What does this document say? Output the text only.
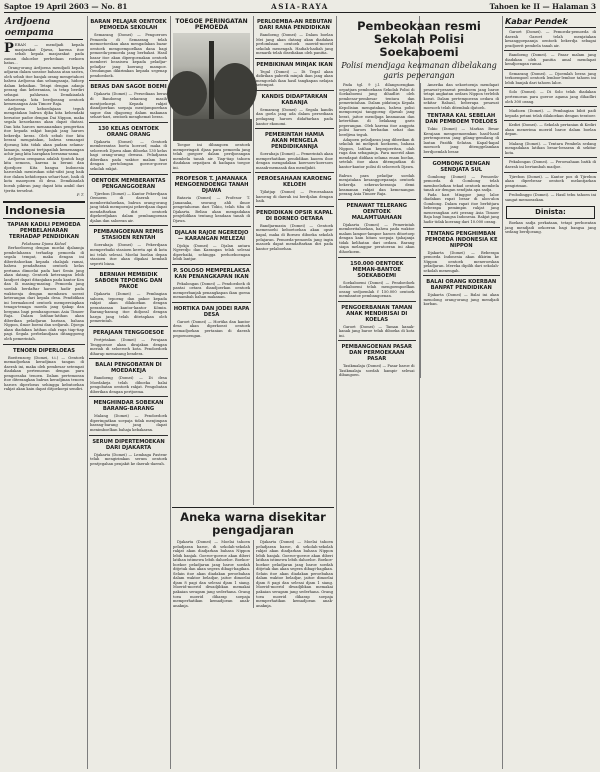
Saptoe 19 April 2603 — No. 81	ASIA-RAYA	Tahoen ke II — Halaman 3
Ardjoena oempama
PERAN — mendjadi kepala masjarakat Djawa, karena itoe sebab kepala masjarakat pada zaman dahoeloe perbedaan roekoen batas...
Orang-orang Ardjoena mendjadi kepala adjaran dalam soeatoe bahasa atau sastra, oleh sebab itoe banjak orang mengetahoei bahwa Ardjoena dan sebangsanja, hidoep dalam kebaikan. Tetapi dengan adanja perang dan keberanian, ia tetap berdiri sebagai pahlawan. Demikianlah seharoesnja kita berdjoeang oentoek kemenangan Asia Timoer Raja.
Ardjoena keboedajaan teguh mengatakan bahwa djika kita kehendaki bersatoe padoe dengan Dai Nippon, maka segala kesoekaran akan dapat diatasi. Dan kita haroes menanamkan pengertian itoe kepada rakjat banjak jang haroes bekerdja keras. Oleh sebab itoe kita berani mengatakan, bahwa semangat djoeang kita tidak akan padam selama-lamanja, sampai tertjapailah kemenangan achir jang kita harapkan bersama-sama.
Ardjoena oempama adalah tjontoh bagi kita semoea, karena ia berani dan djoedjoer. Kita bangsa Indonesia haroeslah menirukan sifat-sifat jang baik itoe dalam kehidoepan sehari-hari, baik di kota maoepoen di desa. Demikianlah boeah pikiran jang dapat kita ambil dari tjerita tersebut.
P. T.
Indonesia
TAPIAN KADILI PEMOEDA PEMBELAHARAN TERHADAP PENDIDIKAN
Pelaksana Djawa Kidoel
Berhoeboeng dengan moelai djalannja pembelaharan terhadap pemoeda di segala tempat, maka dengan ini diberitahoekan kepada chalajak ramai, bahwa pendaftaran oentoek kelas pertama dimoelai pada hari Senin jang akan datang. Oentoek keterangan lebih landjoet dapat ditanjakan pada kantor Ken dan Si masing-masing. Pemoeda jang soedah berdaftar haroes hadir pada waktoenja dengan membawa soerat keterangan dari kepala desa. Pendidikan ini bermaksoed oentoek mempersiapkan tenaga-tenaga moeda jang tjakap dan berguna bagi pembangoenan Asia Timoer Raja. Dalam latihan-latihan akan diberikan peladjaran barisan, bahasa Nippon, ilmoe boemi dan sedjarah. Djoega akan diadakan latihan olah raga tiap-tiap pagi. Segala perbelandjaan ditanggoeng oleh pemerintah.
TENOEN DIPERLOEAS
Boeitenzorg (Domei, t.i.) — Oentoek memadjoekan keradjinan tangan di daerah ini, maka oleh pembesar setempat diadakan pertemoean dengan para pengoesaha tenoen. Dalam pertemoean itoe diterangkan bahwa keradjinan tenoen haroes diperloeas sehingga kebutoehan rakjat akan kain dapat ditjoekoepi sendiri.
BARAN PELAJAR OENTOEK PEMOEDA SEKOLAH
Semarang (Domei) — Pengoeroes Pemoeda di Semarang telah memoetoeskan akan mengadakan bazar oentoek mengoempoelkan dana bagi pemoeda-pemoeda jang berbakat. Hasil bazar itoe akan dipergoenakan oentoek memberi beasiswa kepada peladjar-peladjar jang koerang mampoe. Oendangan dikirimkan kepada segenap pendoedoek.
BERAS DAN SAGOE BOEMI
Djakarta (Domei) — Persediaan beras di Bandoeng sekarang masih mentjoekoepi. Kepada rakjat diandjoerkan soepaja mentjampoerkan sagoe dan djagoeng dalam makanan sehari-hari, oentoek menghemat beras.
130 KELAS OENTOEK ORANG ORANG
Djakarta (Domei) — Oentoek memberantas boeta hoeroef, maka di seloeroeh Djawa akan diboeka 130 kelas bagi orang-orang dewasa. Peladjaran diberikan pada waktoe malam hari dengan pertolongan goeroe-goeroe sekolah rakjat.
OENTOEK MEMBERANTAS PENGANGGOERAN
Tjirebon (Domei) — Kantor Pekerdjaan Oemoem di daerah ini memberitahoekan, bahwa orang-orang jang tidak mempoenjai pekerdjaan dapat mendaftarkan diri oentoek dipekerdjakan dalam pembangoenan djalan dan saloeran air.
PEMBANGOENAN REMIS STASIOEN RENTAH
Soerabaja (Domei) — Pekerdjaan memperbaiki stasioen kereta api di kota ini telah selesai. Moelai boelan depan stasioen itoe akan dipakai kembali seperti biasa.
BERNIAH MEMBIDIK SABOEN TEPOENG DAN PAKOE
Djakarta (Domei) — Pembagian saboen, tepoeng dan pakoe kepada rakjat akan dilakoekan dengan perantaraan kantor-kantor Kōmin. Barang-barang itoe didjoeal dengan harga jang telah ditetapkan oleh pemerintah.
PERAJAAN TENGGOESOE
Pertjetakan (Domei) — Perajaan Tenggoesoe akan dirajakan dengan meriah di seloeroeh kota. Pendoedoek diharap memasang bendera.
BALAI PENGOBATAN DI MOEDAKEJA
Bandoeng (Domei) — Di desa Moedakeja telah diboeka balai pengobatan oentoek rakjat. Pengobatan diberikan dengan pertjoema.
MENGHINDAR SOBEKAN BARANG-BARANG
Malang (Domei) — Pendoedoek diperingatkan soepaja tidak menjimpan barang-barang jang dapat menimboelkan bahaja kebakaran.
SERUM DIPERTEMOEKAN DARI DJAKARTA
Djakarta (Domei) — Lembaga Pasteur telah mengirimkan serum oentoek pentjegahan penjakit ke daerah-daerah.
TOEGOE PERINGATAN PEMOEDA
Toegoe ini dibangoen oentoek memperingati djasa para pemoeda jang telah goegoer dalam perdjoeangan membela tanah air. Tiap-tiap tahoen diadakan oepatjara di hadapan toegoe ini.
PROFESOR T. JAMANAKA MENGOENDOENGI TANAH DJAWA
Batavia (Domei) — Profesor T. Jamanaka, seorang ahli ilmoe pengetahoean dari Tokio, telah tiba di Djakarta. Beliau akan mengadakan penjelidikan tentang keadaan tanah di Djawa.
DJALAN RAJOE NGEREDJO — KARANGAN MELEZAI
Djokja (Domei) — Djalan antara Ngeredjo dan Karangan telah selesai diperbaiki, sehingga perhoeboengan lebih lantjar.
P. SOLOSO MEMPERLAKSA KAN PENANGKAPAN IKAN
Pekalongan (Domei) — Pendoedoek di pantai oetara diandjoerkan oentoek memperbanjak penangkapan ikan goena menambah bahan makanan.
HORTIKA DAN JODEI RAPA DESA
Garoet (Domei) — Hortika dan kantor desa akan diperkoeat oentoek memadjoekan pertanian di daerah pegoenoengan.
PERLOEMBA-AN REBUTAN DARI RANA PENDIDIKAN
Bandoeng (Domei) — Dalam boelan Mei jang akan datang akan diadakan perlombaan oentoek moerid-moerid sekolah menengah. Hadiah-hadiah jang menarik telah disediakan oleh panitia.
PEMBIKINAN MINJAK IKAN
Tegal (Domei) — Di Tegal akan didirikan paberik minjak ikan jang akan mengoelah ikan hasil tangkapan nelajan setempat.
KANDIS DIDAPTARKAN KABANJA
Semarang (Domei) — Segala kandis dan goela jang ada dalam persediaan pedagang haroes didaftarkan pada kantor ekonomi.
PEMERINTAH HAMIA AKAN MENGELA PENDIDIKANNJA
Soerabaja (Domei) — Pemerintah akan memperhatikan pendidikan kaoem iboe dengan mengadakan koersoes-koersoes masak-memasak dan mendjahit.
PEROESAHAAN KAROENG KELOEH
Tjilatjap (Domei) — Peroesahaan karoeng di daerah ini berdjalan dengan baik.
PENDIDIKAN OPSIR KAPAL DI BORNEO OETARA
Bandjarmasin (Domei) — Oentoek memenoehi keboetoehan akan opsir kapal, maka di Borneo diboeka sekolah pelajaran. Pemoeda-pemoeda jang ingin masoek dapat mendaftarkan diri pada kantor pelaboehan.
Aneka warna disekitar pengadjaran
Djakarta (Domei) — Moelai tahoen peladjaran baroe, di sekolah-sekolah rakjat akan diadjarkan bahasa Nippon lebih banjak. Goeroe-goeroe akan diberi latihan istimewa lebih dahoeloe. Boekoe-boekoe peladjaran jang baroe soedah ditjetak dan akan segera dibagi-bagikan. Selain itoe akan diadakan peroebahan dalam waktoe beladjar, jaitoe dimoelai djam 8 pagi dan selesai djam 1 siang. Moerid-moerid diwadjibkan memakai pakaian seragam jang sederhana. Orang toea moerid diharap soepaja memperhatikan kemadjoean anak-anaknja.
Djakarta (Domei) — Moelai tahoen peladjaran baroe, di sekolah-sekolah rakjat akan diadjarkan bahasa Nippon lebih banjak. Goeroe-goeroe akan diberi latihan istimewa lebih dahoeloe. Boekoe-boekoe peladjaran jang baroe soedah ditjetak dan akan segera dibagi-bagikan. Selain itoe akan diadakan peroebahan dalam waktoe beladjar, jaitoe dimoelai djam 8 pagi dan selesai djam 1 siang. Moerid-moerid diwadjibkan memakai pakaian seragam jang sederhana. Orang toea moerid diharap soepaja memperhatikan kemadjoean anak-anaknja.
Pembeokaan resmi Sekolah Polisi Soekaboemi
Polisi mendjaga keamanan dibelakang garis peperangan
Pada tgl. 9 j.l. dilangsoengkan oepatjara pemboekaan Sekolah Polisi di Soekaboemi jang dihadliri oleh pembesar-pembesar tentara dan pemerintahan. Dalam pidatonja Kepala Kepolisian mengatakan, bahwa polisi mempoenjai tanggoeng djawab jang berat, jaitoe mendjaga keamanan dan ketertiban di belakang garis peperangan. Oleh karena itoe anggota polisi haroes berbadan sehat dan berdjiwa teguh.
Adapoen peladjaran jang diberikan di sekolah ini meliputi hoekoem, bahasa Nippon, latihan keprajoeritan, olah raga dan sebagainja. Para moerid akan mendapat didikan selama enam boelan, setelah itoe akan ditempatkan di kantor-kantor polisi di seloeroeh Djawa.

Bahwa para peladjar soedah menjatakan kesanggoepannja oentoek bekerdja sekeras-kerasnja demi keamanan rakjat dan kemenangan perang Asia Timoer Raja.
PENAWAT TELERANG OENTOEK MALAMTUAHAAN
Djakarta (Domei) — Pemerintah memberitahoekan, bahwa pada waktoe malam lampoe-lampoe haroes ditoetoep dengan kain hitam soepaja tjahajanja tidak kelihatan dari oedara. Barang siapa melanggar peratoeran ini akan dihoekoem.
150.000 OENTOEK MEMAN-BANTOE SOEKABOEMI
Soekaboemi (Domei) — Pendoedoek Soekaboemi telah mengoempoelkan oeang sedjoemlah f 150.000 oentoek membantoe pembangoenan.
PENGOERBANAN TAMAN ANAK MENDIRISAI DI KOELAS
Garoet (Domei) — Taman kanak-kanak jang baroe telah diboeka di kota ini.
PEMBANGOENAN PASAR DAN PERMOEKAAN PASAR
Tasikmalaja (Domei) — Pasar baroe di Tasikmalaja soedah hampir selesai dibangoen.
Amerika dan sekoetoenja mendapat pesawat-pesawat pemboem jang baroe tetapi angkatan oedara Nippon terlebih koeat. Dalam pertempoeran oedara di sekitar Rabaul, beberapa pesawat moesoeh telah ditembak djatoeh.
TENTARA KAL SEBELAH DAN PEMBOEM TOELOES
Tokio (Domei) — Markas Besar Kerajaan mengoemoemkan hasil-hasil pertempoeran jang gilang-gemilang di lautan Pasifik Selatan. Kapal-kapal moesoeh jang ditenggelamkan berdjoemlah besar.
GOMBONG DENGAN SENDJATA SUL
Gombong (Domei) — Pemoeda-pemoeda di Gombong telah memboelatkan tekad oentoek membela tanah air dengan sendjata apa sadja.
Pada hari Minggoe jang laloe diadakan rapat besar di alon-alon Gombong. Dalam rapat itoe berbitjara beberapa pemimpin rakjat jang menerangkan arti perang Asia Timoer Raja bagi bangsa Indonesia. Rakjat jang hadir tidak koerang dari 10.000 orang.
TENTANG PENGHIMBAN PEMOEDA INDONESIA KE NIPPON
Djakarta (Domei) — Beberapa pemoeda Indonesia akan dikirim ke Nippon oentoek meneroeskan peladjaran. Mereka dipilih dari sekolah-sekolah menengah.
BALAI ORANG KOERBAN BANPAT PENDIDIKAN
Djakarta (Domei) — Balai ini akan menolong orang-orang jang mendjadi korban.
Kabar Pendek
Garoet (Domei). — Pemoeda-pemoeda di daerah Garoet telah menjatakan kesanggoepannja oentoek bekerdja sebagai pradjoerit pembela tanah air.
Bandoeng (Domei). — Pasar malam jang diadakan oleh panitia amal mendapat kendjoengan ramai.
Semarang (Domei). — Djoemlah beras jang terkoempoel oentoek lemboe-lemboe tahoen ini lebih banjak dari tahoen laloe.
Solo (Domei). — Di Solo telah diadakan pertemoean para goeroe agama jang dihadliri oleh 300 orang.
Madioen (Domei). — Pembagian bibit padi kepada petani telah dilakoekan dengan teratoer.
Kediri (Domei). — Sekolah pertanian di Kediri akan menerima moerid baroe dalam boelan depan.
Malang (Domei). — Tentara Pembela sedang mengadakan latihan besar-besaran di sekitar kota.
Pekalongan (Domei). — Peroesahaan batik di daerah ini bertambah madjoe.
Tjirebon (Domei). — Kantor pos di Tjirebon akan diperbesar oentoek melantjarkan pengiriman.
Probolinggo (Domei). — Hasil tebu tahoen ini sangat memoeaskan.
Dinista:
Boekan sadja perkataan, tetapi perboeatan jang mendjadi oekoeran bagi bangsa jang sedang berdjoeang.
